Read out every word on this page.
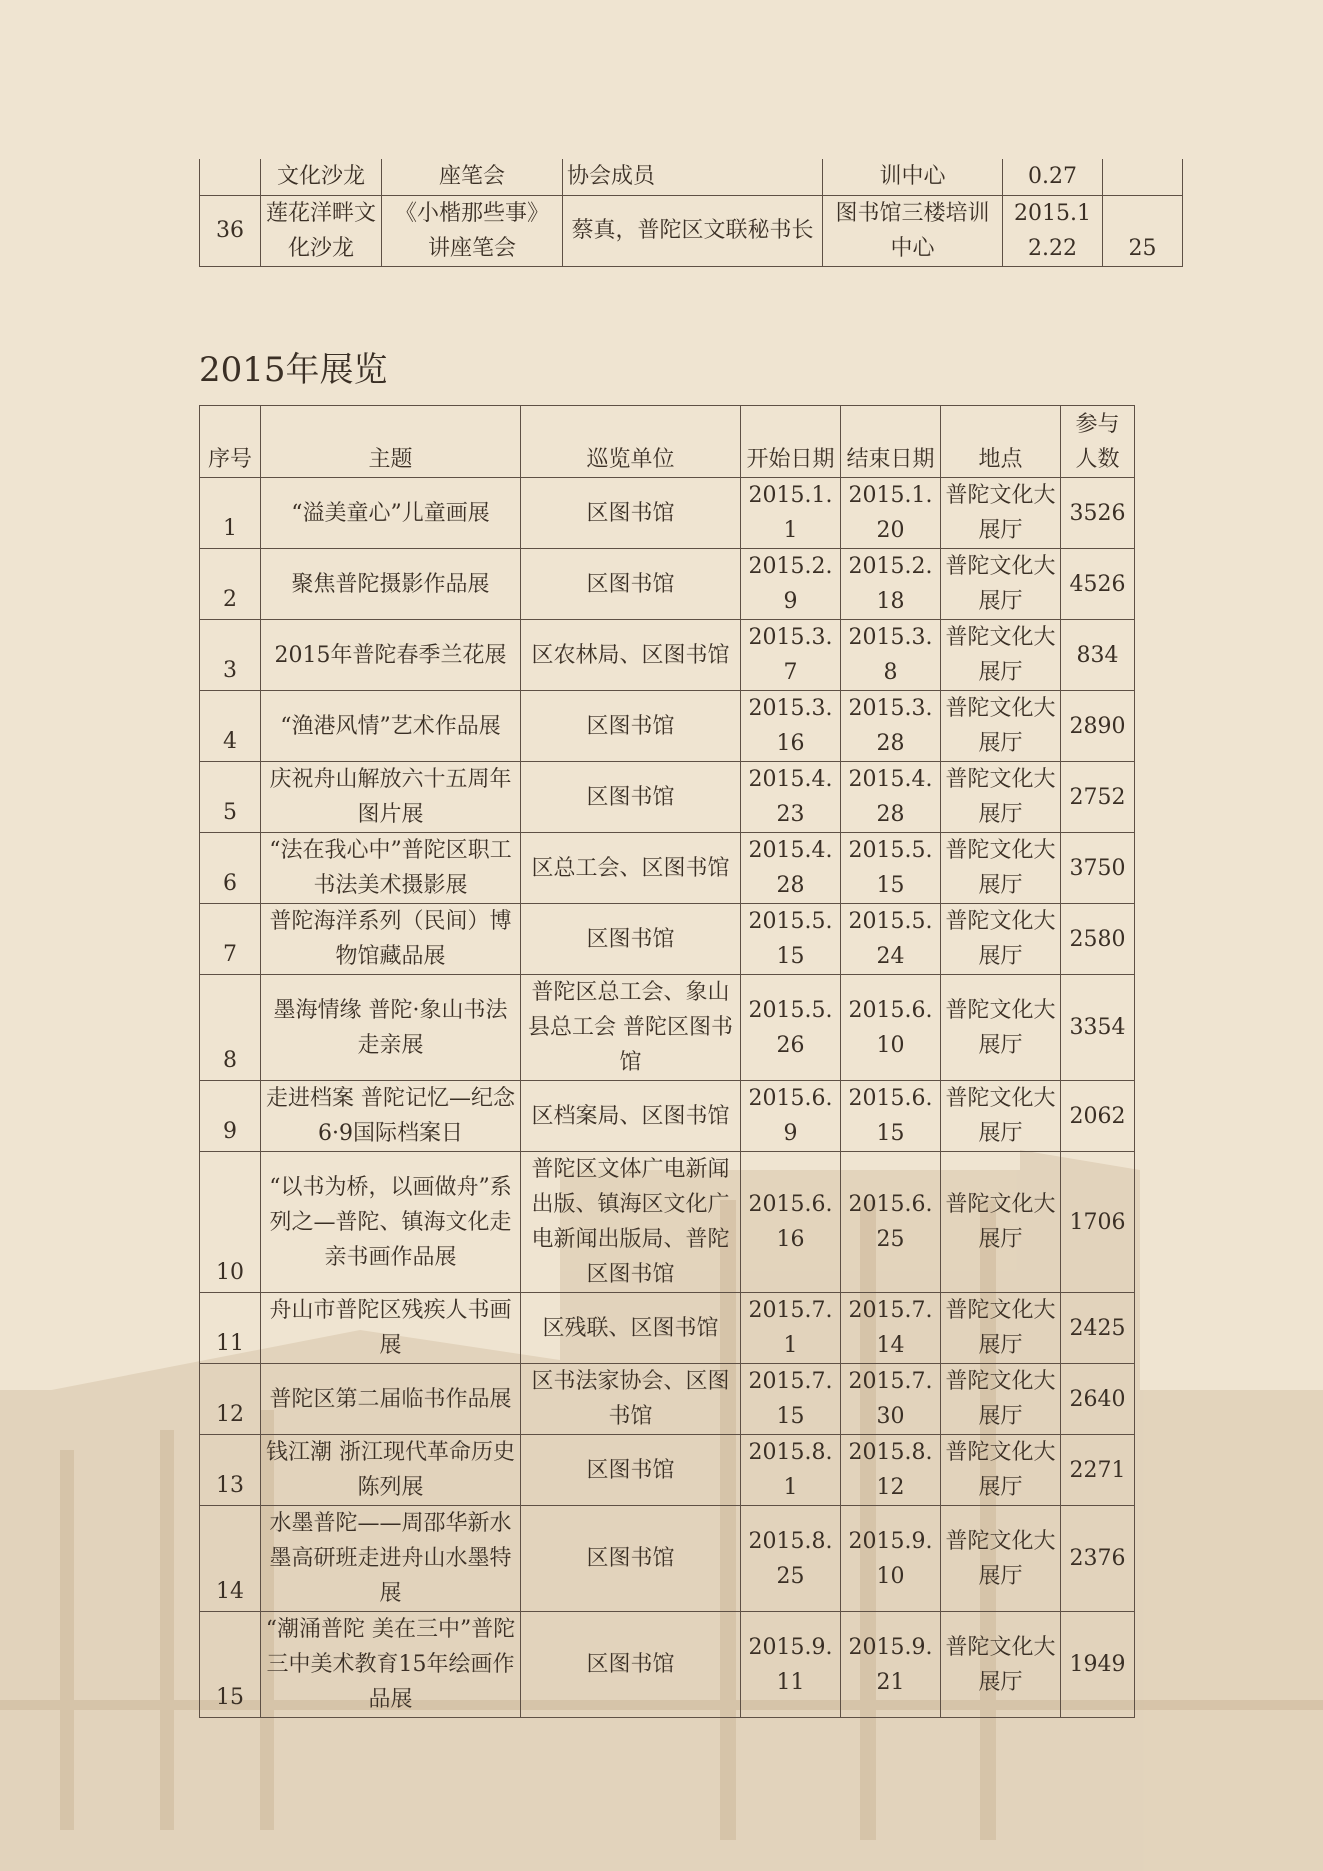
	文化沙龙	座笔会	协会成员	训中心	0.27	
36	莲花洋畔文化沙龙	《小楷那些事》讲座笔会	蔡真，普陀区文联秘书长	图书馆三楼培训中心	2015.12.22	25
2015年展览
序号	主题	巡览单位	开始日期	结束日期	地点	参与人数
1	“溢美童心”儿童画展	区图书馆	2015.1.1	2015.1.20	普陀文化大展厅	3526
2	聚焦普陀摄影作品展	区图书馆	2015.2.9	2015.2.18	普陀文化大展厅	4526
3	2015年普陀春季兰花展	区农林局、区图书馆	2015.3.7	2015.3.8	普陀文化大展厅	834
4	“渔港风情”艺术作品展	区图书馆	2015.3.16	2015.3.28	普陀文化大展厅	2890
5	庆祝舟山解放六十五周年图片展	区图书馆	2015.4.23	2015.4.28	普陀文化大展厅	2752
6	“法在我心中”普陀区职工书法美术摄影展	区总工会、区图书馆	2015.4.28	2015.5.15	普陀文化大展厅	3750
7	普陀海洋系列（民间）博物馆藏品展	区图书馆	2015.5.15	2015.5.24	普陀文化大展厅	2580
8	墨海情缘 普陀·象山书法走亲展	普陀区总工会、象山县总工会 普陀区图书馆	2015.5.26	2015.6.10	普陀文化大展厅	3354
9	走进档案 普陀记忆—纪念6·9国际档案日	区档案局、区图书馆	2015.6.9	2015.6.15	普陀文化大展厅	2062
10	“以书为桥，以画做舟”系列之—普陀、镇海文化走亲书画作品展	普陀区文体广电新闻出版、镇海区文化广电新闻出版局、普陀区图书馆	2015.6.16	2015.6.25	普陀文化大展厅	1706
11	舟山市普陀区残疾人书画展	区残联、区图书馆	2015.7.1	2015.7.14	普陀文化大展厅	2425
12	普陀区第二届临书作品展	区书法家协会、区图书馆	2015.7.15	2015.7.30	普陀文化大展厅	2640
13	钱江潮 浙江现代革命历史陈列展	区图书馆	2015.8.1	2015.8.12	普陀文化大展厅	2271
14	水墨普陀——周邵华新水墨高研班走进舟山水墨特展	区图书馆	2015.8.25	2015.9.10	普陀文化大展厅	2376
15	“潮涌普陀 美在三中”普陀三中美术教育15年绘画作品展	区图书馆	2015.9.11	2015.9.21	普陀文化大展厅	1949
